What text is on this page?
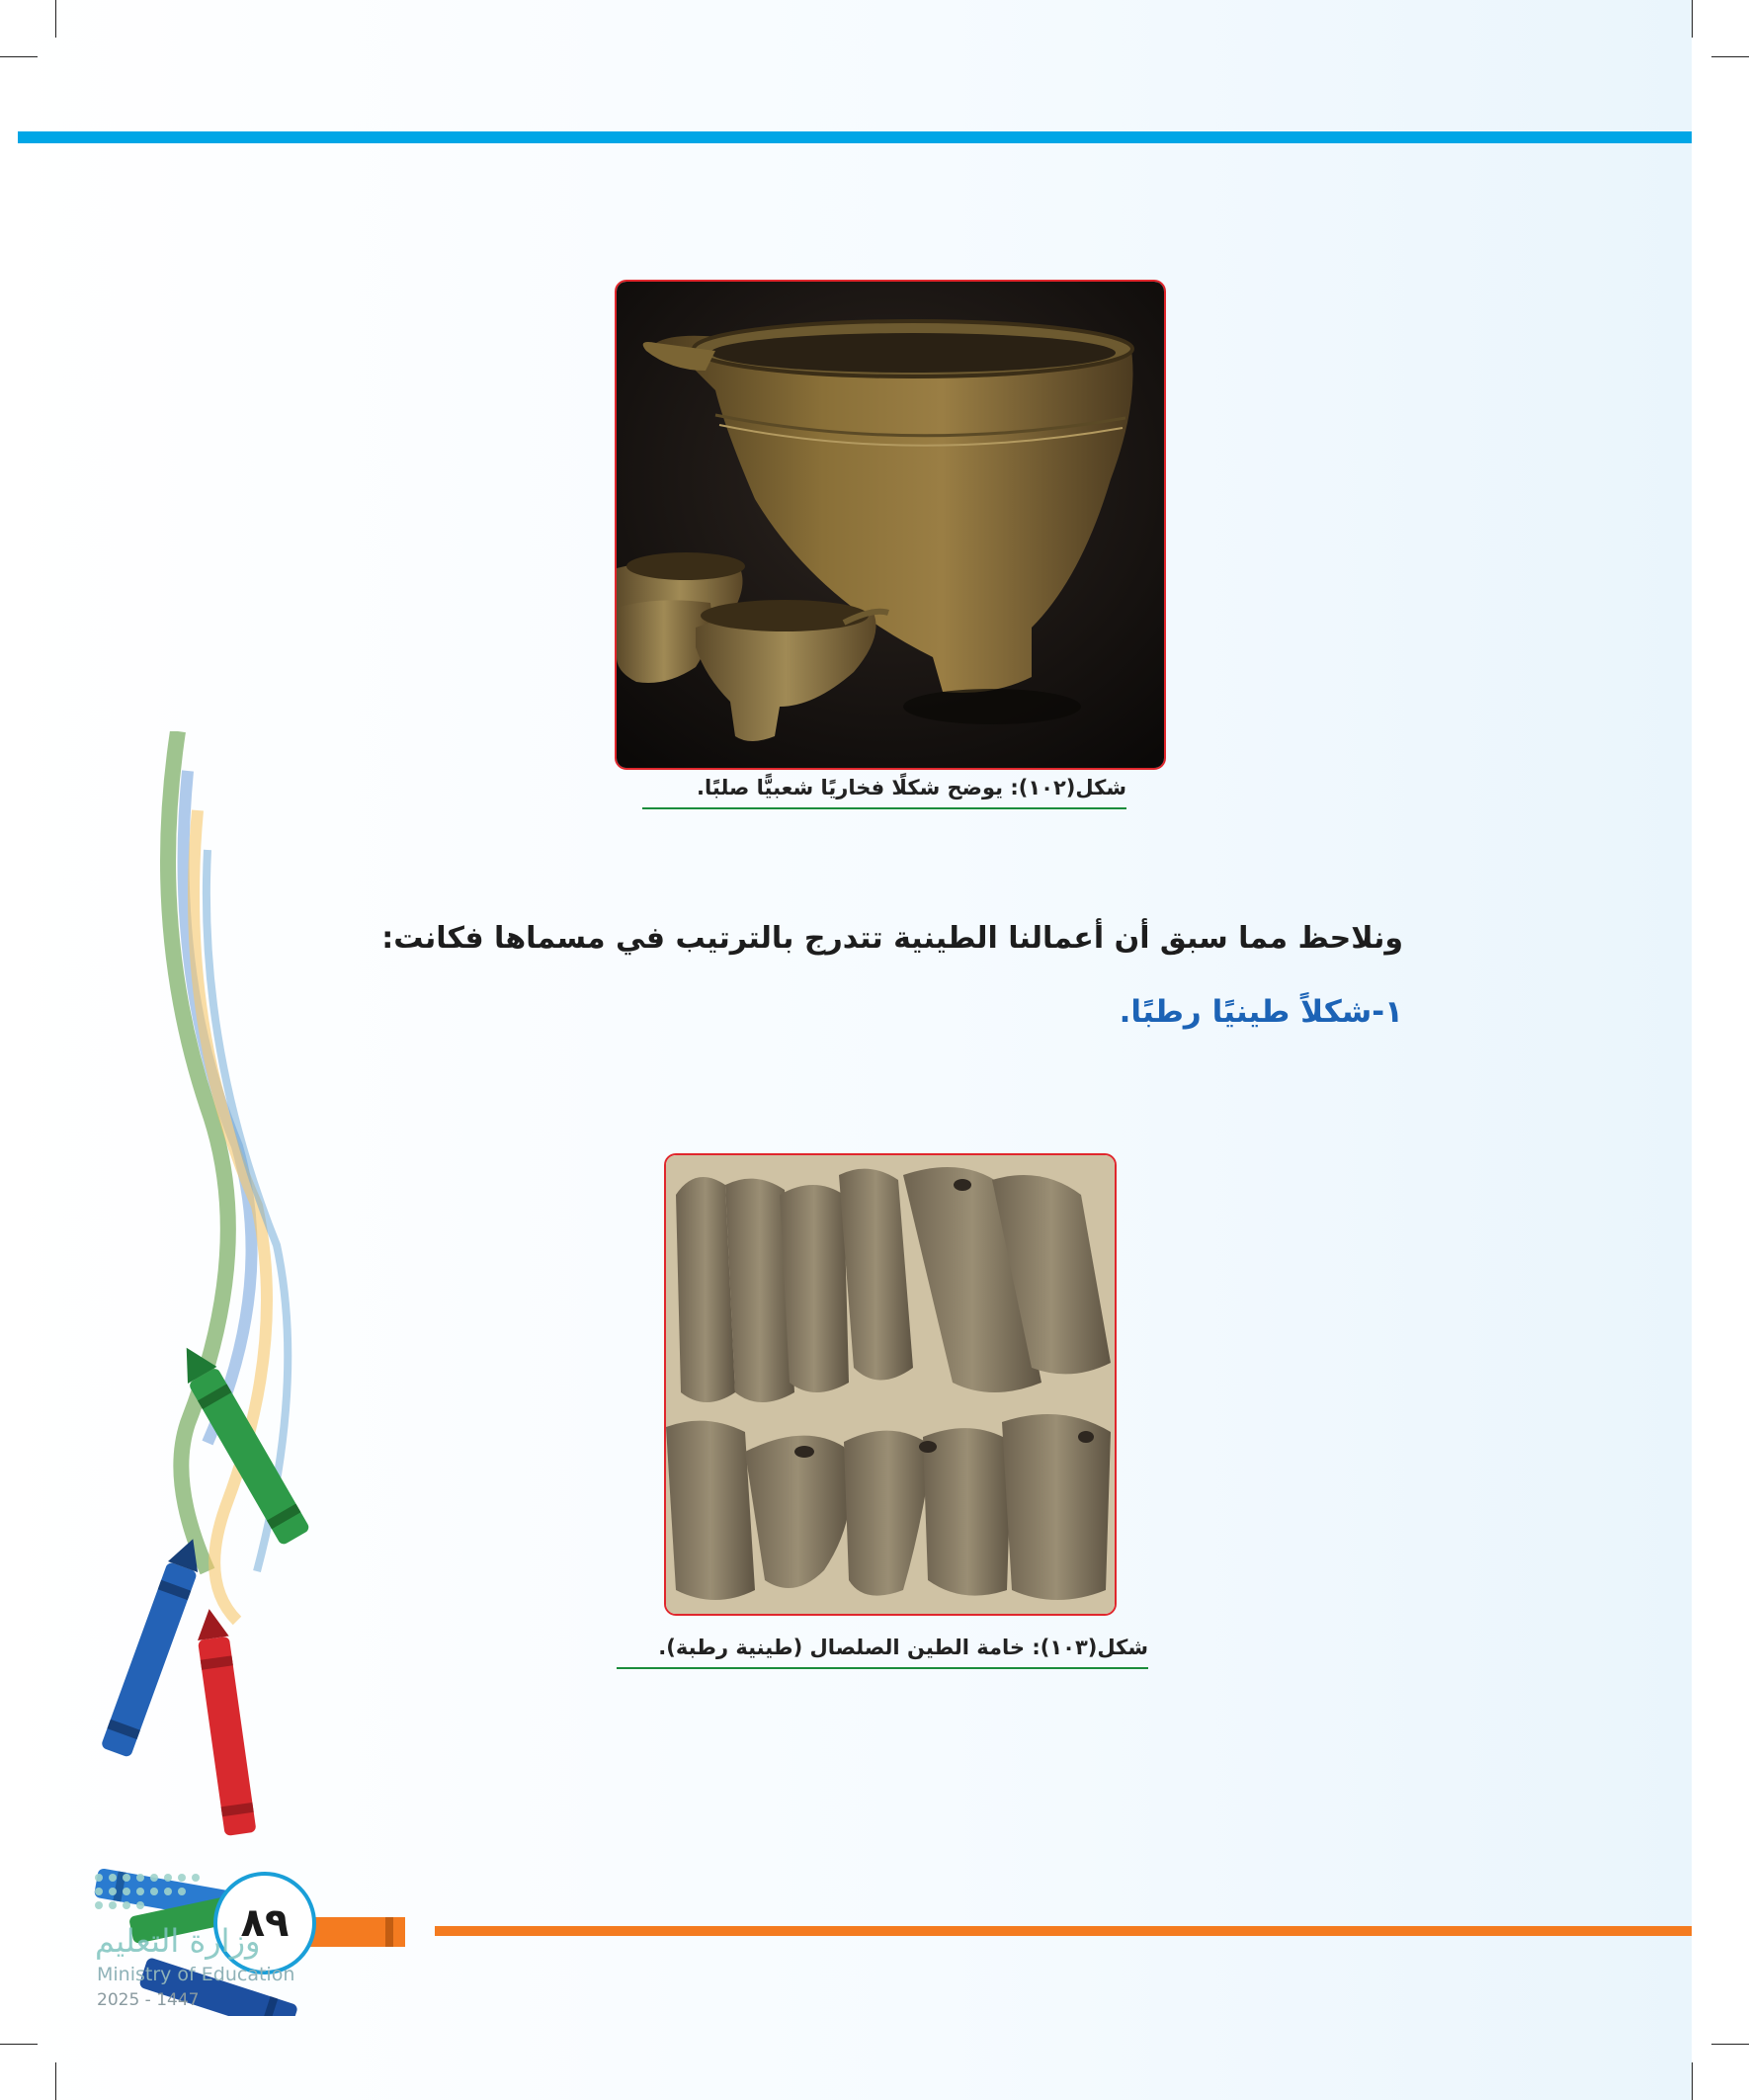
شكل(١٠٢): يوضح شكلًا فخاريًا شعبيًّا صلبًا.
ونلاحظ مما سبق أن أعمالنا الطينية تتدرج بالترتيب في مسماها فكانت:
١-شكلاً طينيًا رطبًا.
شكل(١٠٣): خامة الطين الصلصال (طينية رطبة).
٨٩
وزارة التعليم
Ministry of Education
2025 - 1447
